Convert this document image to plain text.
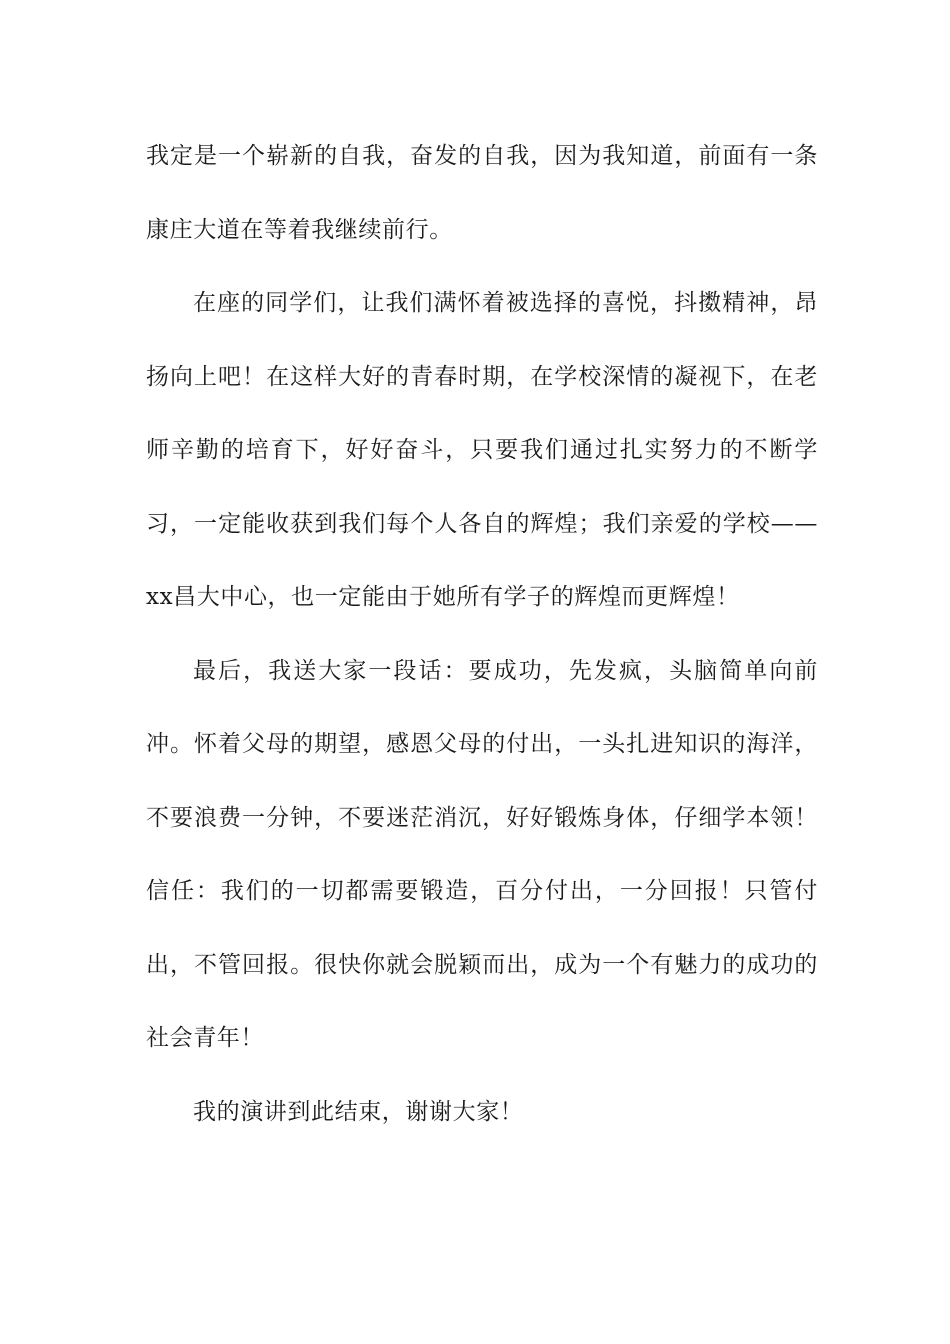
我定是一个崭新的自我，奋发的自我，因为我知道，前面有一条康庄大道在等着我继续前行。

在座的同学们，让我们满怀着被选择的喜悦，抖擞精神，昂扬向上吧！在这样大好的青春时期，在学校深情的凝视下，在老师辛勤的培育下，好好奋斗，只要我们通过扎实努力的不断学习，一定能收获到我们每个人各自的辉煌；我们亲爱的学校——xx昌大中心，也一定能由于她所有学子的辉煌而更辉煌！

最后，我送大家一段话：要成功，先发疯，头脑简单向前冲。怀着父母的期望，感恩父母的付出，一头扎进知识的海洋，不要浪费一分钟，不要迷茫消沉，好好锻炼身体，仔细学本领！信任：我们的一切都需要锻造，百分付出，一分回报！只管付出，不管回报。很快你就会脱颖而出，成为一个有魅力的成功的社会青年！

我的演讲到此结束，谢谢大家！
